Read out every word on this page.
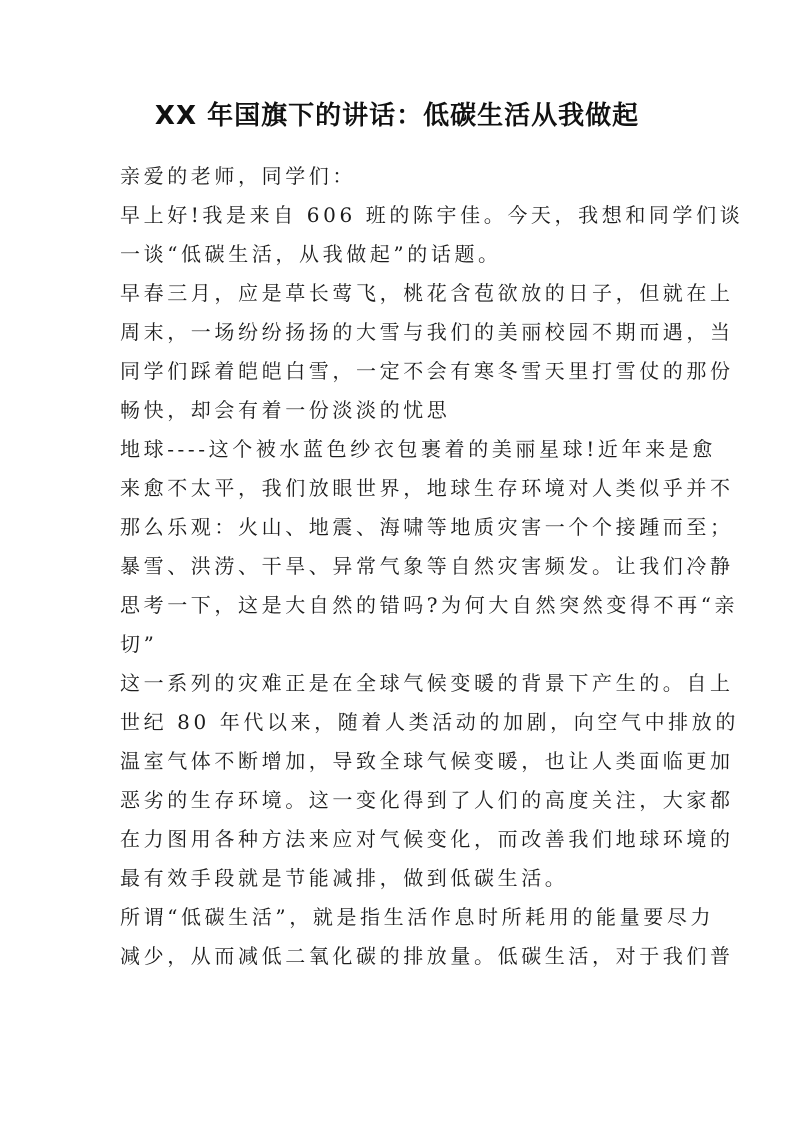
XX 年国旗下的讲话：低碳生活从我做起
亲爱的老师，同学们：
早上好!我是来自 606 班的陈宇佳。今天，我想和同学们谈
一谈“低碳生活，从我做起”的话题。
早春三月，应是草长莺飞，桃花含苞欲放的日子，但就在上
周末，一场纷纷扬扬的大雪与我们的美丽校园不期而遇，当
同学们踩着皑皑白雪，一定不会有寒冬雪天里打雪仗的那份
畅快，却会有着一份淡淡的忧思
地球----这个被水蓝色纱衣包裹着的美丽星球!近年来是愈
来愈不太平，我们放眼世界，地球生存环境对人类似乎并不
那么乐观：火山、地震、海啸等地质灾害一个个接踵而至；
暴雪、洪涝、干旱、异常气象等自然灾害频发。让我们冷静
思考一下，这是大自然的错吗?为何大自然突然变得不再“亲
切”
这一系列的灾难正是在全球气候变暖的背景下产生的。自上
世纪 80 年代以来，随着人类活动的加剧，向空气中排放的
温室气体不断增加，导致全球气候变暖，也让人类面临更加
恶劣的生存环境。这一变化得到了人们的高度关注，大家都
在力图用各种方法来应对气候变化，而改善我们地球环境的
最有效手段就是节能减排，做到低碳生活。
所谓“低碳生活”，就是指生活作息时所耗用的能量要尽力
减少，从而减低二氧化碳的排放量。低碳生活，对于我们普
